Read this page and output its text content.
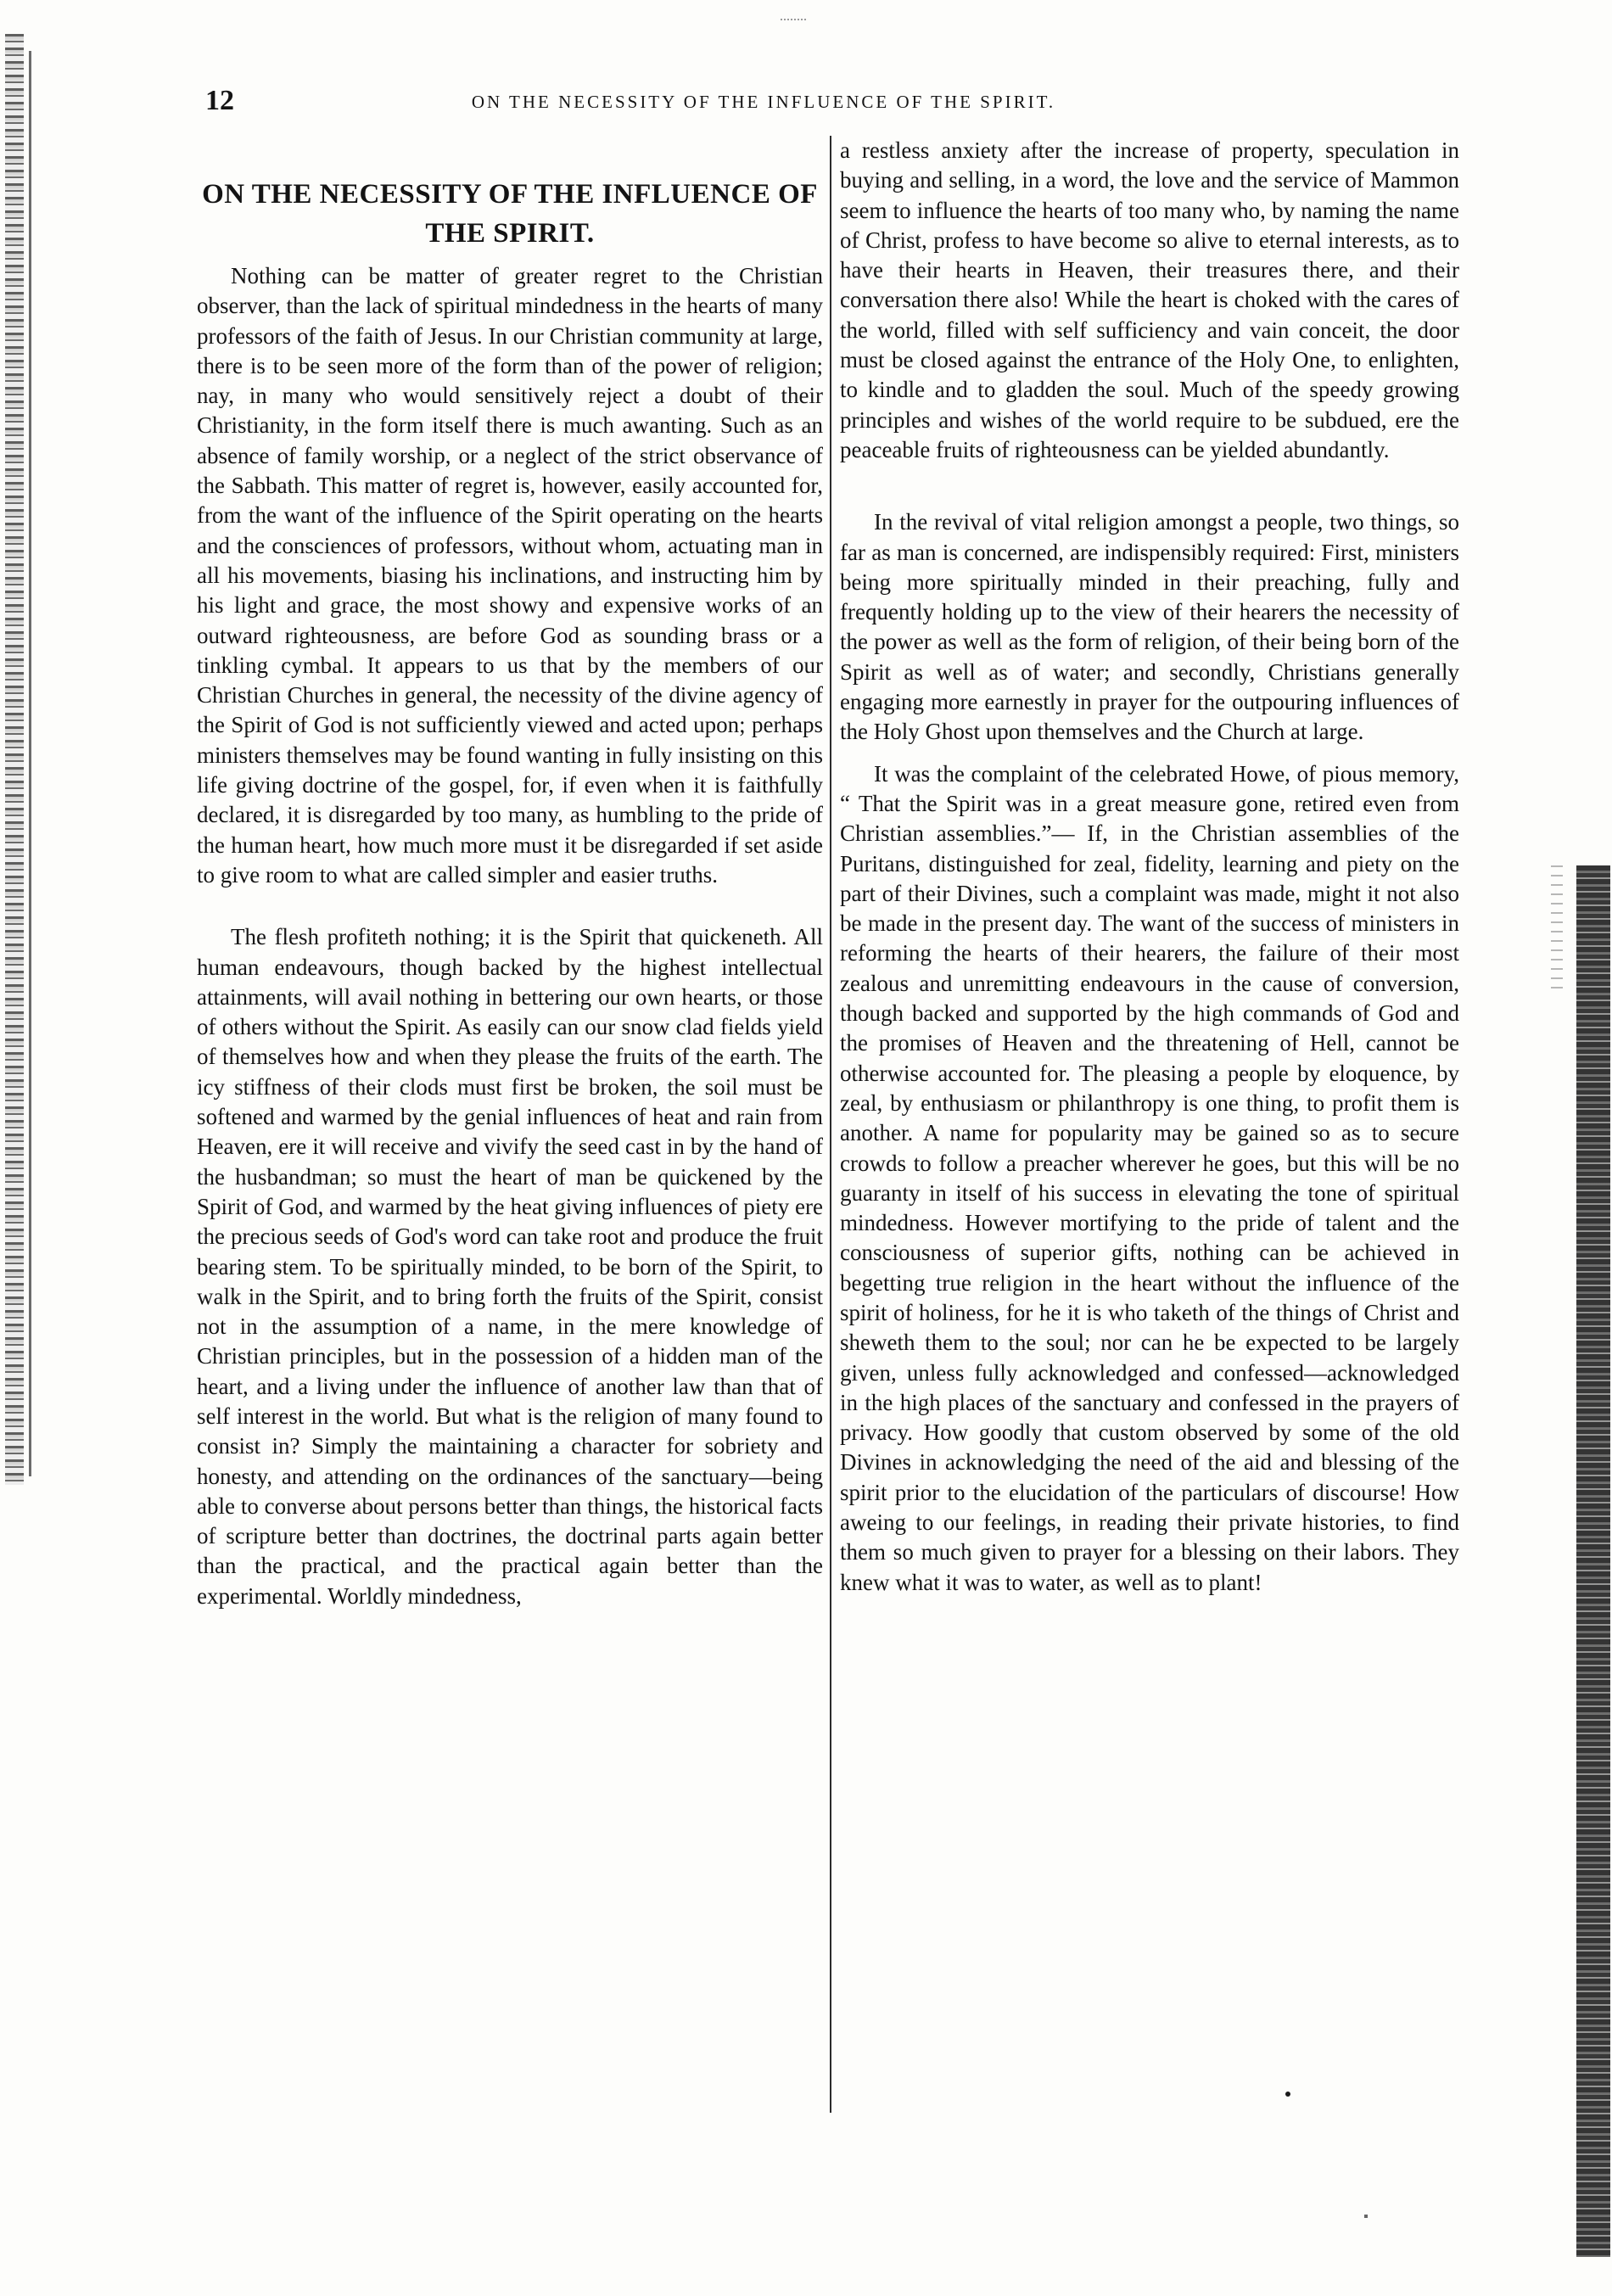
12	ON THE NECESSITY OF THE INFLUENCE OF THE SPIRIT.
ON THE NECESSITY OF THE INFLUENCE OF THE SPIRIT.

Nothing can be matter of greater regret to the Christian observer, than the lack of spiritual mindedness in the hearts of many professors of the faith of Jesus. In our Christian community at large, there is to be seen more of the form than of the power of religion; nay, in many who would sensitively reject a doubt of their Christianity, in the form itself there is much awanting. Such as an absence of family worship, or a neglect of the strict observance of the Sabbath. This matter of regret is, however, easily accounted for, from the want of the influence of the Spirit operating on the hearts and the consciences of professors, without whom, actuating man in all his movements, biasing his inclinations, and instructing him by his light and grace, the most showy and expensive works of an outward righteousness, are before God as sounding brass or a tinkling cymbal. It appears to us that by the members of our Christian Churches in general, the necessity of the divine agency of the Spirit of God is not sufficiently viewed and acted upon; perhaps ministers themselves may be found wanting in fully insisting on this life giving doctrine of the gospel, for, if even when it is faithfully declared, it is disregarded by too many, as humbling to the pride of the human heart, how much more must it be disregarded if set aside to give room to what are called simpler and easier truths.

The flesh profiteth nothing; it is the Spirit that quickeneth. All human endeavours, though backed by the highest intellectual attainments, will avail nothing in bettering our own hearts, or those of others without the Spirit. As easily can our snow clad fields yield of themselves how and when they please the fruits of the earth. The icy stiffness of their clods must first be broken, the soil must be softened and warmed by the genial influences of heat and rain from Heaven, ere it will receive and vivify the seed cast in by the hand of the husbandman; so must the heart of man be quickened by the Spirit of God, and warmed by the heat giving influences of piety ere the precious seeds of God's word can take root and produce the fruit bearing stem. To be spiritually minded, to be born of the Spirit, to walk in the Spirit, and to bring forth the fruits of the Spirit, consist not in the assumption of a name, in the mere knowledge of Christian principles, but in the possession of a hidden man of the heart, and a living under the influence of another law than that of self interest in the world. But what is the religion of many found to consist in? Simply the maintaining a character for sobriety and honesty, and attending on the ordinances of the sanctuary—being able to converse about persons better than things, the historical facts of scripture better than doctrines, the doctrinal parts again better than the practical, and the practical again better than the experimental. Worldly mindedness,

a restless anxiety after the increase of property, speculation in buying and selling, in a word, the love and the service of Mammon seem to influence the hearts of too many who, by naming the name of Christ, profess to have become so alive to eternal interests, as to have their hearts in Heaven, their treasures there, and their conversation there also! While the heart is choked with the cares of the world, filled with self sufficiency and vain conceit, the door must be closed against the entrance of the Holy One, to enlighten, to kindle and to gladden the soul. Much of the speedy growing principles and wishes of the world require to be subdued, ere the peaceable fruits of righteousness can be yielded abundantly.

In the revival of vital religion amongst a people, two things, so far as man is concerned, are indispensibly required: First, ministers being more spiritually minded in their preaching, fully and frequently holding up to the view of their hearers the necessity of the power as well as the form of religion, of their being born of the Spirit as well as of water; and secondly, Christians generally engaging more earnestly in prayer for the outpouring influences of the Holy Ghost upon themselves and the Church at large.

It was the complaint of the celebrated Howe, of pious memory, “ That the Spirit was in a great measure gone, retired even from Christian assemblies.”— If, in the Christian assemblies of the Puritans, distinguished for zeal, fidelity, learning and piety on the part of their Divines, such a complaint was made, might it not also be made in the present day. The want of the success of ministers in reforming the hearts of their hearers, the failure of their most zealous and unremitting endeavours in the cause of conversion, though backed and supported by the high commands of God and the promises of Heaven and the threatening of Hell, cannot be otherwise accounted for. The pleasing a people by eloquence, by zeal, by enthusiasm or philanthropy is one thing, to profit them is another. A name for popularity may be gained so as to secure crowds to follow a preacher wherever he goes, but this will be no guaranty in itself of his success in elevating the tone of spiritual mindedness. However mortifying to the pride of talent and the consciousness of superior gifts, nothing can be achieved in begetting true religion in the heart without the influence of the spirit of holiness, for he it is who taketh of the things of Christ and sheweth them to the soul; nor can he be expected to be largely given, unless fully acknowledged and confessed—acknowledged in the high places of the sanctuary and confessed in the prayers of privacy. How goodly that custom observed by some of the old Divines in acknowledging the need of the aid and blessing of the spirit prior to the elucidation of the particulars of discourse! How aweing to our feelings, in reading their private histories, to find them so much given to prayer for a blessing on their labors. They knew what it was to water, as well as to plant!
